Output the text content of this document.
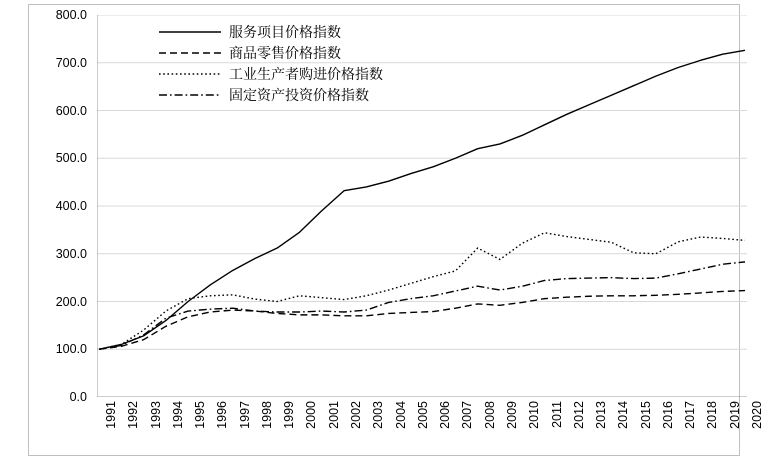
0.0
100.0
200.0
300.0
400.0
500.0
600.0
700.0
800.0
1991 1992 1993 1994 1995 1996 1997 1998 1999 2000 2001 2002 2003 2004 2005 2006 2007 2008 2009 2010 2011 2012 2013 2014 2015 2016 2017 2018 2019 2020
服务项目价格指数
商品零售价格指数
工业生产者购进价格指数
固定资产投资价格指数
